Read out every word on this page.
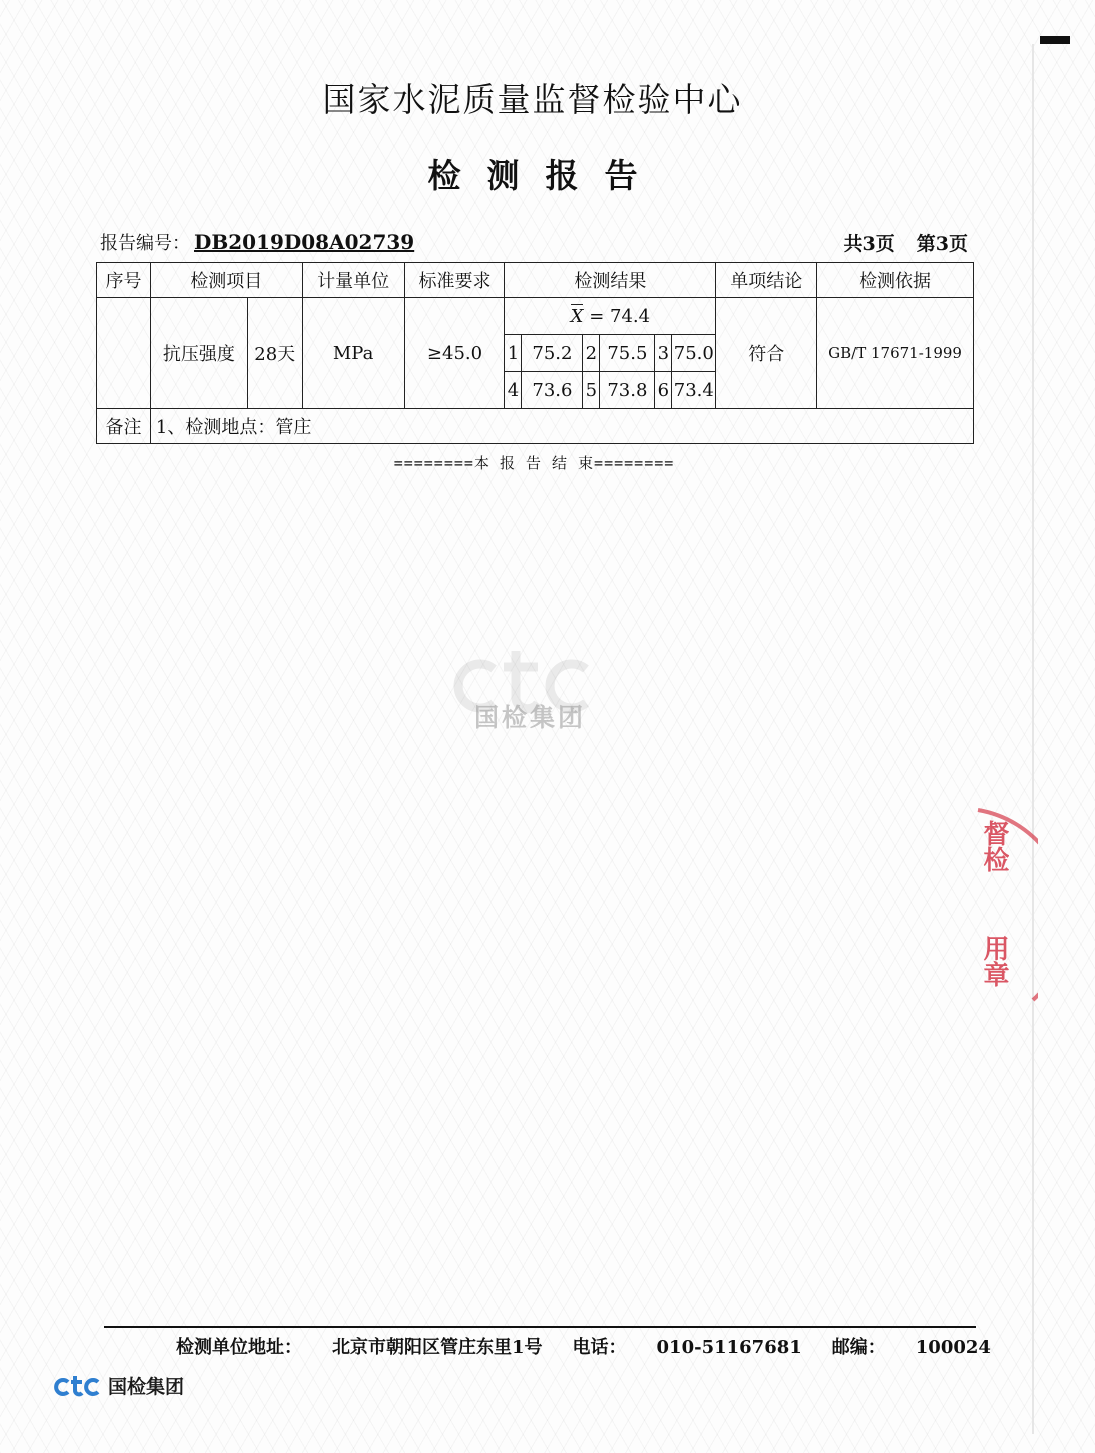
国家水泥质量监督检验中心
检测报告
报告编号： DB2019D08A02739	共3页 第3页
序号	检测项目		计量单位	标准要求	检测结果						单项结论	检测依据
	抗压强度	28天	MPa	≥45.0	X = 74.4						符合	GB/T 17671-1999
					1	75.2	2	75.5	3	75.0		
					4	73.6	5	73.8	6	73.4		
备注	1、检测地点：管庄											
========本 报 告 结 束========
国检集团
督检
用章
检测单位地址： 北京市朝阳区管庄东里1号 电话： 010-51167681 邮编： 100024
国检集团
